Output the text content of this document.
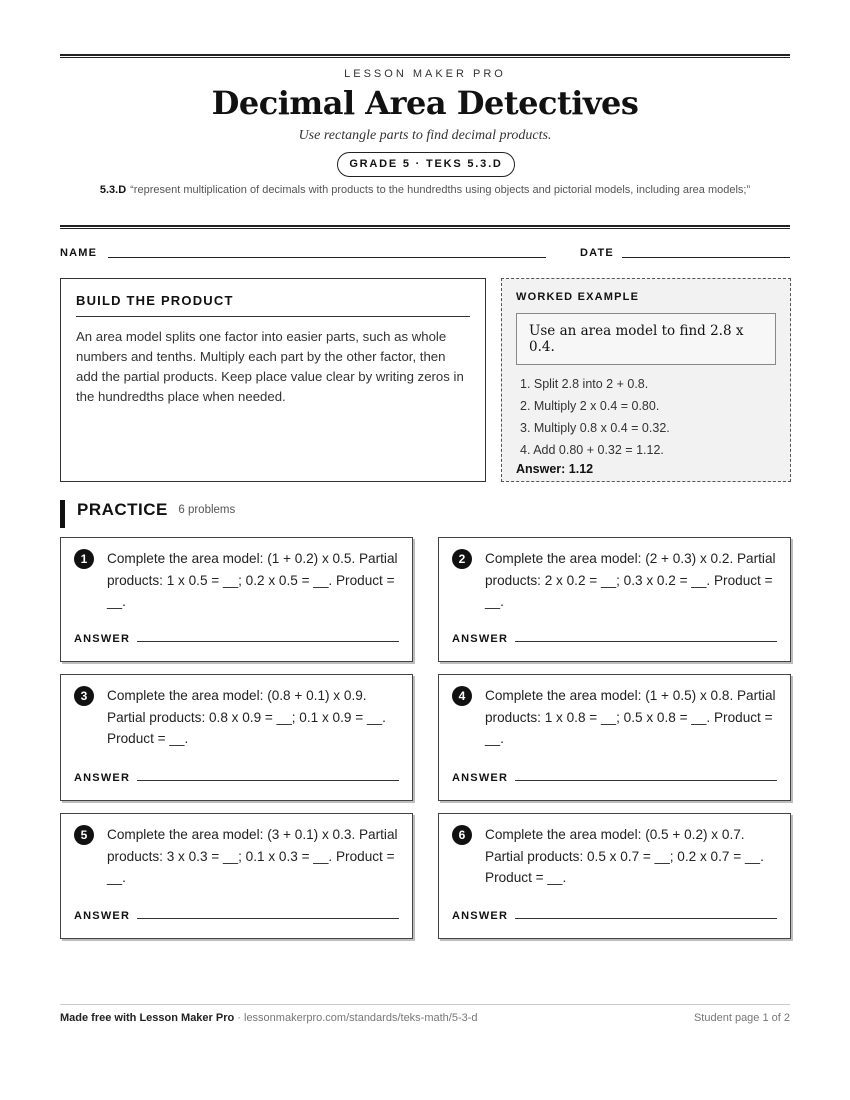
LESSON MAKER PRO
Decimal Area Detectives
Use rectangle parts to find decimal products.
GRADE 5 · TEKS 5.3.D
5.3.D “represent multiplication of decimals with products to the hundredths using objects and pictorial models, including area models;”
NAME	DATE
BUILD THE PRODUCT
An area model splits one factor into easier parts, such as whole numbers and tenths. Multiply each part by the other factor, then add the partial products. Keep place value clear by writing zeros in the hundredths place when needed.
WORKED EXAMPLE
Use an area model to find 2.8 x 0.4.
1. Split 2.8 into 2 + 0.8.
2. Multiply 2 x 0.4 = 0.80.
3. Multiply 0.8 x 0.4 = 0.32.
4. Add 0.80 + 0.32 = 1.12.
Answer: 1.12
PRACTICE 6 problems
1	Complete the area model: (1 + 0.2) x 0.5. Partial products: 1 x 0.5 = __; 0.2 x 0.5 = __. Product = __.
ANSWER
2	Complete the area model: (2 + 0.3) x 0.2. Partial products: 2 x 0.2 = __; 0.3 x 0.2 = __. Product = __.
ANSWER
3	Complete the area model: (0.8 + 0.1) x 0.9. Partial products: 0.8 x 0.9 = __; 0.1 x 0.9 = __. Product = __.
ANSWER
4	Complete the area model: (1 + 0.5) x 0.8. Partial products: 1 x 0.8 = __; 0.5 x 0.8 = __. Product = __.
ANSWER
5	Complete the area model: (3 + 0.1) x 0.3. Partial products: 3 x 0.3 = __; 0.1 x 0.3 = __. Product = __.
ANSWER
6	Complete the area model: (0.5 + 0.2) x 0.7. Partial products: 0.5 x 0.7 = __; 0.2 x 0.7 = __. Product = __.
ANSWER
Made free with Lesson Maker Pro · lessonmakerpro.com/standards/teks-math/5-3-d	Student page 1 of 2
